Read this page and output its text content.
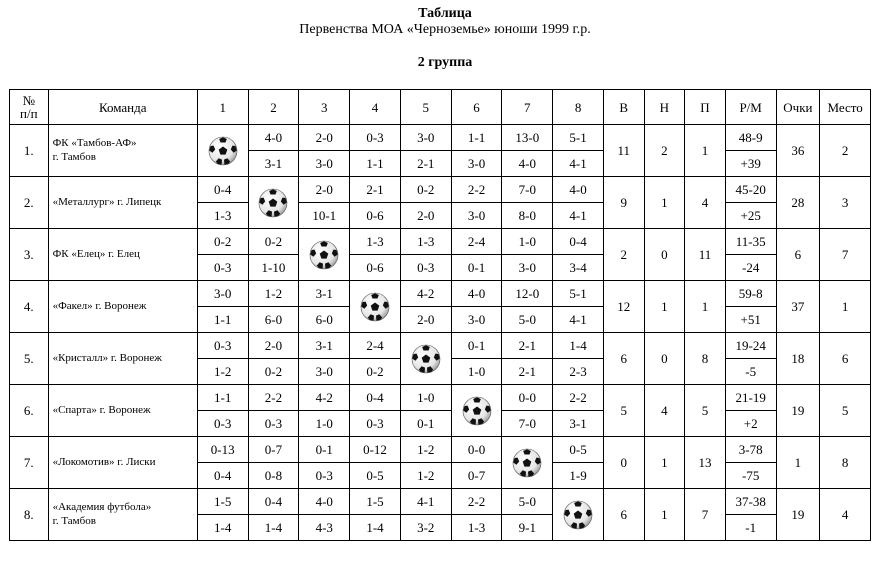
Таблица
Первенства МОА «Черноземье» юноши 1999 г.р.
2 группа
№
п/п	Команда	1	2	3	4	5	6	7	8	В	Н	П	Р/М	Очки	Место
1.	ФК «Тамбов-АФ»
г. Тамбов		4-0	2-0	0-3	3-0	1-1	13-0	5-1	11	2	1	48-9	36	2
			3-1	3-0	1-1	2-1	3-0	4-0	4-1				+39		
2.	«Металлург» г. Липецк	0-4		2-0	2-1	0-2	2-2	7-0	4-0	9	1	4	45-20	28	3
		1-3		10-1	0-6	2-0	3-0	8-0	4-1				+25		
3.	ФК «Елец» г. Елец	0-2	0-2		1-3	1-3	2-4	1-0	0-4	2	0	11	11-35	6	7
		0-3	1-10		0-6	0-3	0-1	3-0	3-4				-24		
4.	«Факел» г. Воронеж	3-0	1-2	3-1		4-2	4-0	12-0	5-1	12	1	1	59-8	37	1
		1-1	6-0	6-0		2-0	3-0	5-0	4-1				+51		
5.	«Кристалл» г. Воронеж	0-3	2-0	3-1	2-4		0-1	2-1	1-4	6	0	8	19-24	18	6
		1-2	0-2	3-0	0-2		1-0	2-1	2-3				-5		
6.	«Спарта» г. Воронеж	1-1	2-2	4-2	0-4	1-0		0-0	2-2	5	4	5	21-19	19	5
		0-3	0-3	1-0	0-3	0-1		7-0	3-1				+2		
7.	«Локомотив» г. Лиски	0-13	0-7	0-1	0-12	1-2	0-0		0-5	0	1	13	3-78	1	8
		0-4	0-8	0-3	0-5	1-2	0-7		1-9				-75		
8.	«Академия футбола»
г. Тамбов	1-5	0-4	4-0	1-5	4-1	2-2	5-0		6	1	7	37-38	19	4
		1-4	1-4	4-3	1-4	3-2	1-3	9-1					-1		
